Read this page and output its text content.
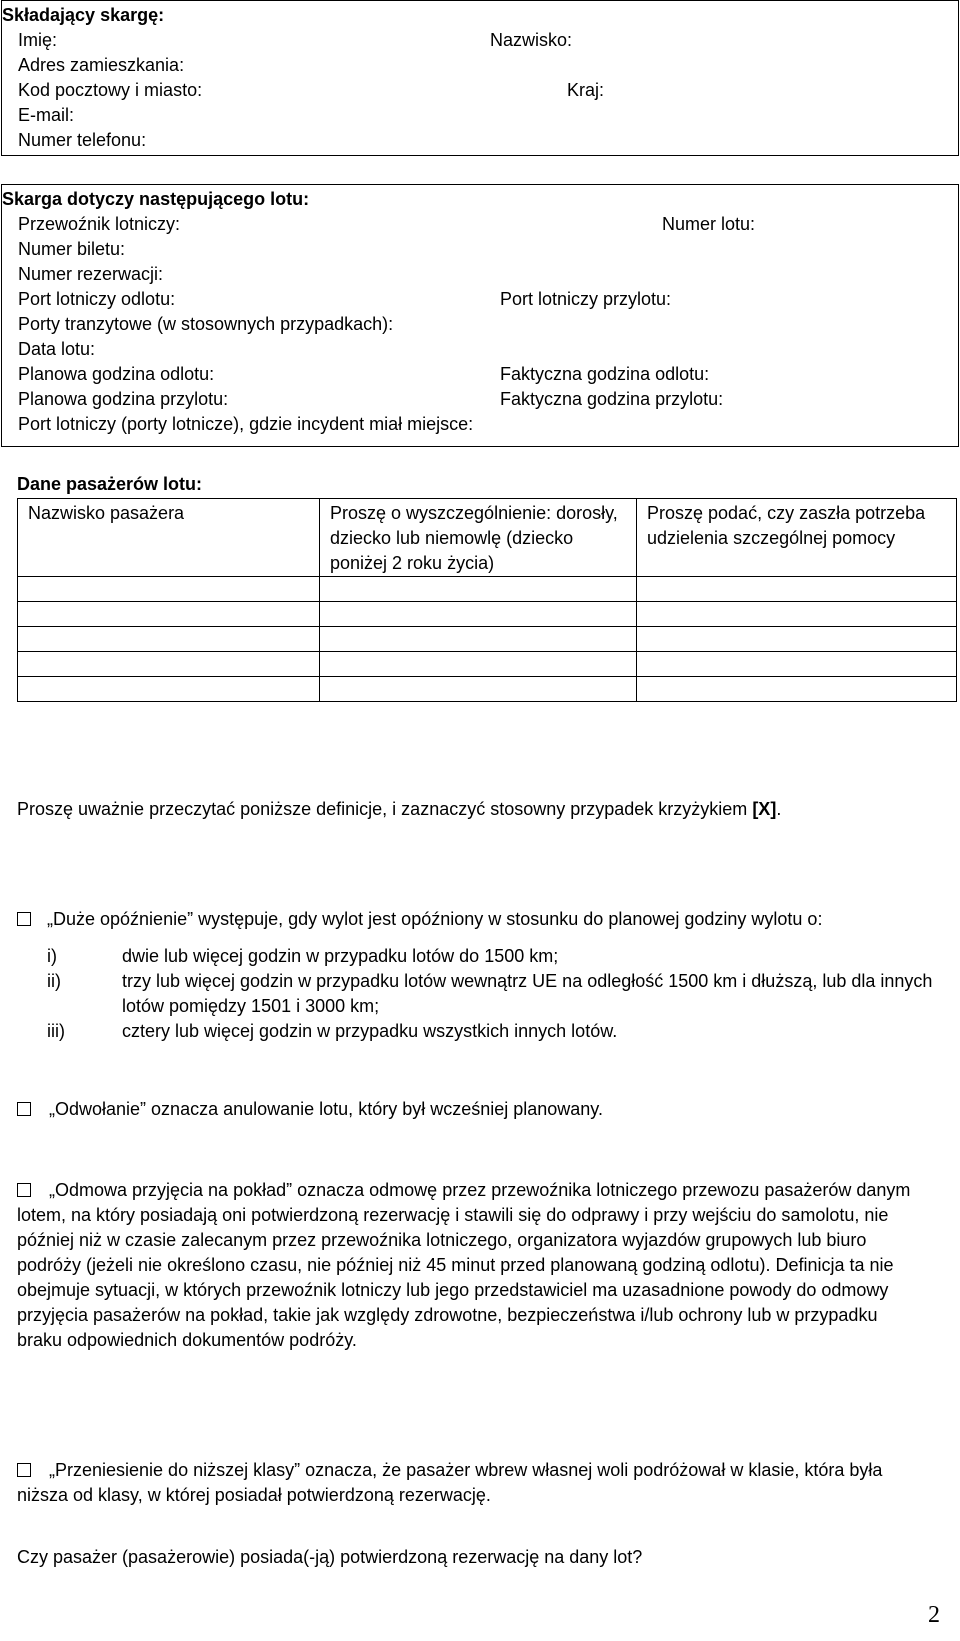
Składający skargę:
Imię:	Nazwisko:
Adres zamieszkania:
Kod pocztowy i miasto:	Kraj:
E-mail:
Numer telefonu:
Skarga dotyczy następującego lotu:
Przewoźnik lotniczy:	Numer lotu:
Numer biletu:
Numer rezerwacji:
Port lotniczy odlotu:	Port lotniczy przylotu:
Porty tranzytowe (w stosownych przypadkach):
Data lotu:
Planowa godzina odlotu:	Faktyczna godzina odlotu:
Planowa godzina przylotu:	Faktyczna godzina przylotu:
Port lotniczy (porty lotnicze), gdzie incydent miał miejsce:
Dane pasażerów lotu:
Nazwisko pasażera	Proszę o wyszczególnienie: dorosły, dziecko lub niemowlę (dziecko poniżej 2 roku życia)	Proszę podać, czy zaszła potrzeba udzielenia szczególnej pomocy

Proszę uważnie przeczytać poniższe definicje, i zaznaczyć stosowny przypadek krzyżykiem [X].
„Duże opóźnienie” występuje, gdy wylot jest opóźniony w stosunku do planowej godziny wylotu o:
i)	dwie lub więcej godzin w przypadku lotów do 1500 km;
ii)	trzy lub więcej godzin w przypadku lotów wewnątrz UE na odległość 1500 km i dłuższą, lub dla innych lotów pomiędzy 1501 i 3000 km;
iii)	cztery lub więcej godzin w przypadku wszystkich innych lotów.
„Odwołanie” oznacza anulowanie lotu, który był wcześniej planowany.
„Odmowa przyjęcia na pokład” oznacza odmowę przez przewoźnika lotniczego przewozu pasażerów danym lotem, na który posiadają oni potwierdzoną rezerwację i stawili się do odprawy i przy wejściu do samolotu, nie później niż w czasie zalecanym przez przewoźnika lotniczego, organizatora wyjazdów grupowych lub biuro podróży (jeżeli nie określono czasu, nie później niż 45 minut przed planowaną godziną odlotu). Definicja ta nie obejmuje sytuacji, w których przewoźnik lotniczy lub jego przedstawiciel ma uzasadnione powody do odmowy przyjęcia pasażerów na pokład, takie jak względy zdrowotne, bezpieczeństwa i/lub ochrony lub w przypadku braku odpowiednich dokumentów podróży.
„Przeniesienie do niższej klasy” oznacza, że pasażer wbrew własnej woli podróżował w klasie, która była niższa od klasy, w której posiadał potwierdzoną rezerwację.
Czy pasażer (pasażerowie) posiada(-ją) potwierdzoną rezerwację na dany lot?
2
